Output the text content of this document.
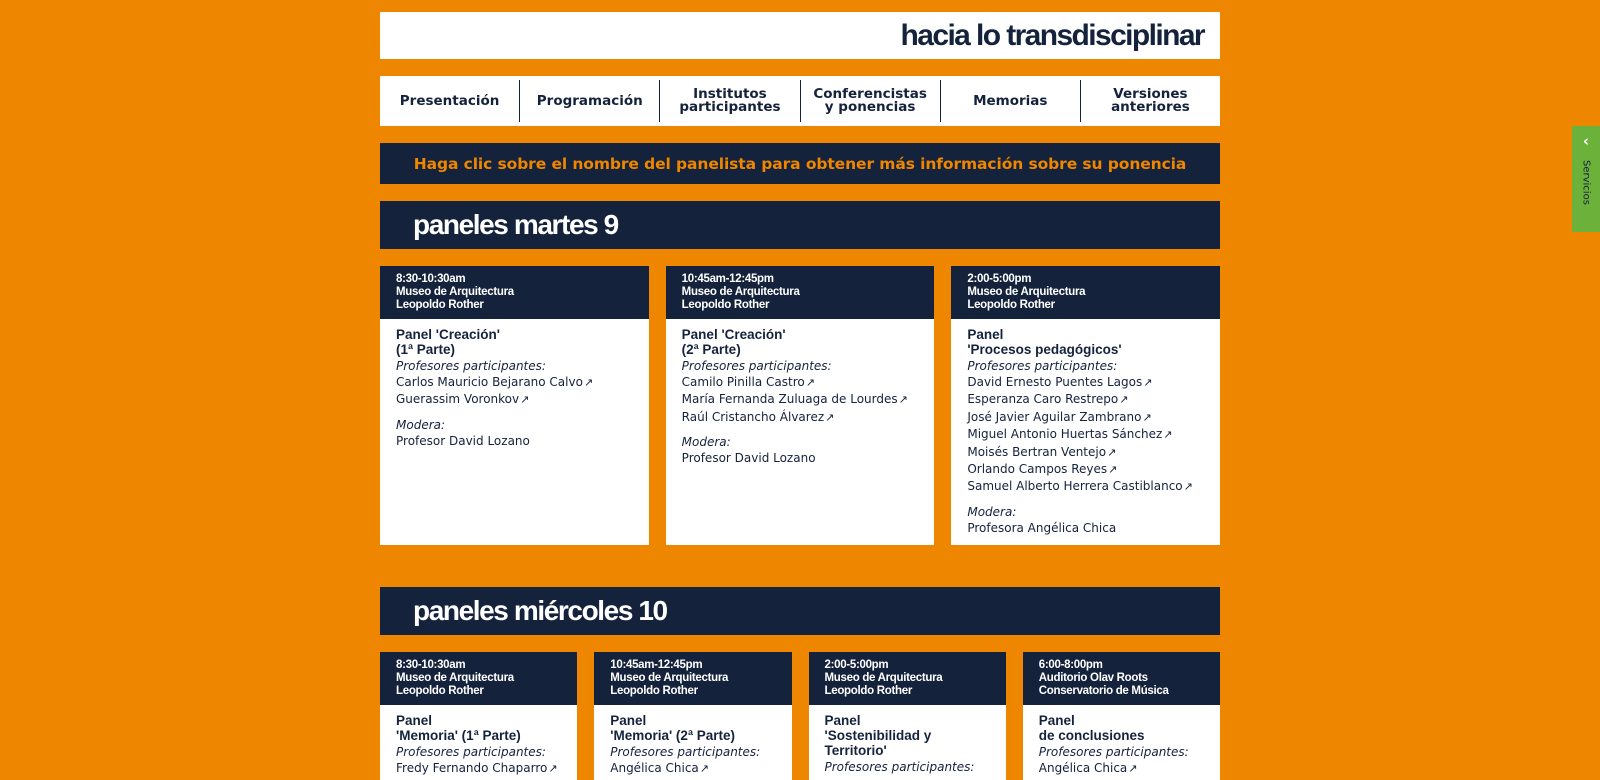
hacia lo transdisciplinar
Presentación	Programación	Institutos
participantes
Conferencistas
y ponencias	Memorias	Versiones
anteriores
Haga clic sobre el nombre del panelista para obtener más información sobre su ponencia
paneles martes 9
8:30-10:30am
Museo de Arquitectura
Leopoldo Rother
Panel 'Creación'
(1ª Parte)
Profesores participantes:
Carlos Mauricio Bejarano Calvo↗
Guerassim Voronkov↗
Modera:
Profesor David Lozano
10:45am-12:45pm
Museo de Arquitectura
Leopoldo Rother
Panel 'Creación'
(2ª Parte)
Profesores participantes:
Camilo Pinilla Castro↗
María Fernanda Zuluaga de Lourdes↗
Raúl Cristancho Álvarez↗
Modera:
Profesor David Lozano
2:00-5:00pm
Museo de Arquitectura
Leopoldo Rother
Panel
'Procesos pedagógicos'
Profesores participantes:
David Ernesto Puentes Lagos↗
Esperanza Caro Restrepo↗
José Javier Aguilar Zambrano↗
Miguel Antonio Huertas Sánchez↗
Moisés Bertran Ventejo↗
Orlando Campos Reyes↗
Samuel Alberto Herrera Castiblanco↗
Modera:
Profesora Angélica Chica
paneles miércoles 10
8:30-10:30am
Museo de Arquitectura
Leopoldo Rother
Panel
'Memoria' (1ª Parte)
Profesores participantes:
Fredy Fernando Chaparro↗
10:45am-12:45pm
Museo de Arquitectura
Leopoldo Rother
Panel
'Memoria' (2ª Parte)
Profesores participantes:
Angélica Chica↗
2:00-5:00pm
Museo de Arquitectura
Leopoldo Rother
Panel
'Sostenibilidad y
Territorio'
Profesores participantes:
6:00-8:00pm
Auditorio Olav Roots
Conservatorio de Música
Panel
de conclusiones
Profesores participantes:
Angélica Chica↗
‹
Servicios
